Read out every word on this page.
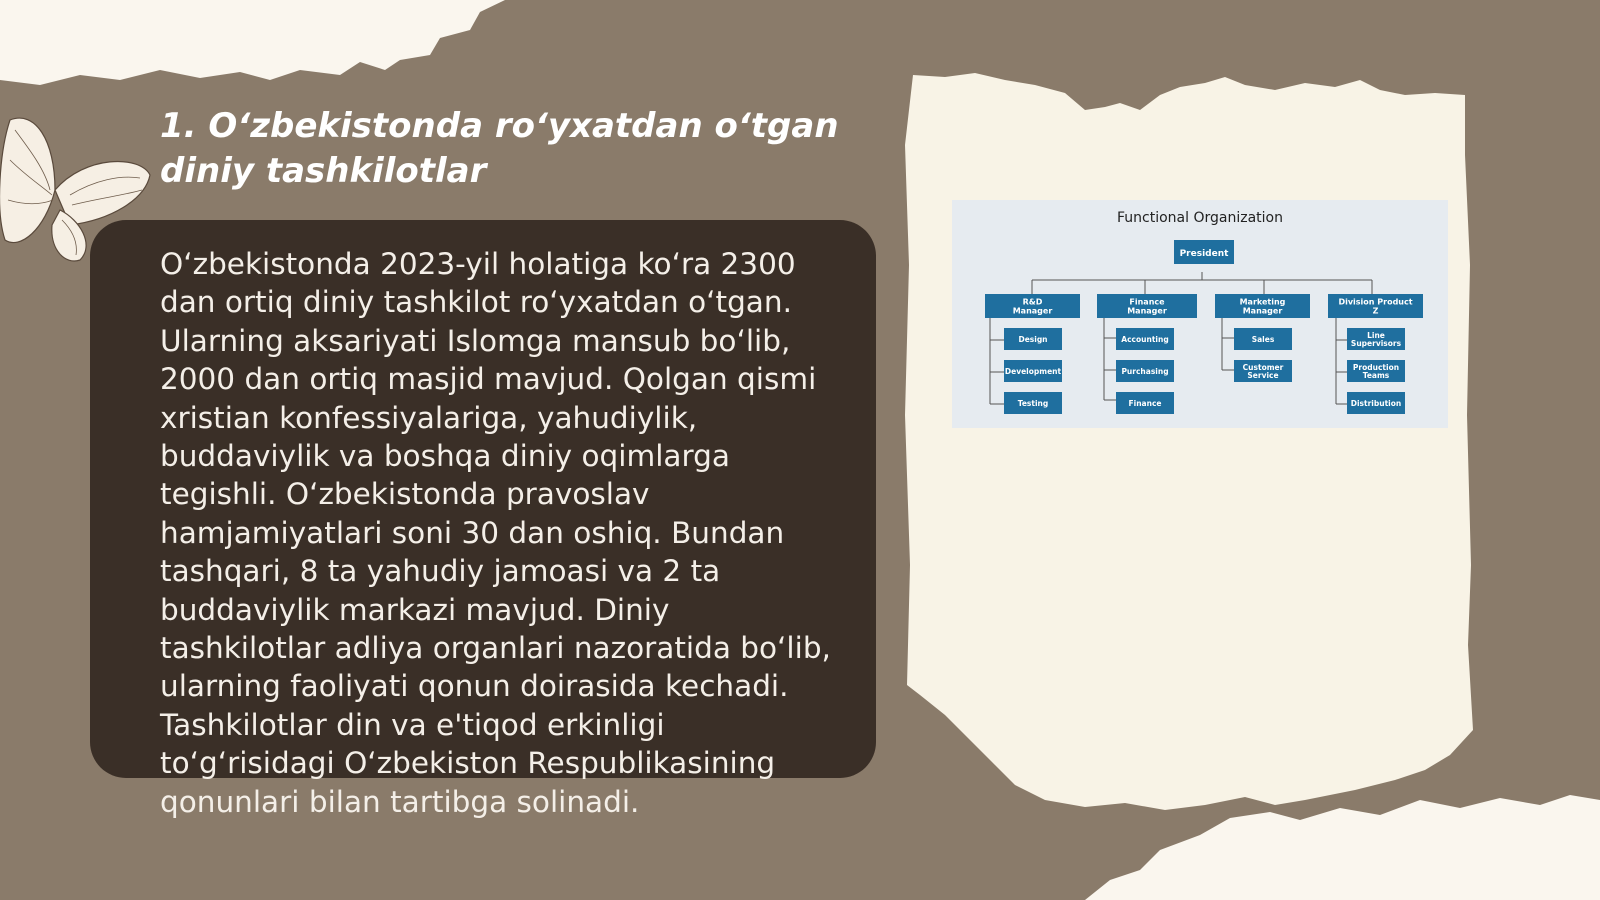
1. O‘zbekistonda ro‘yxatdan o‘tgan
diniy tashkilotlar
O‘zbekistonda 2023-yil holatiga ko‘ra 2300
dan ortiq diniy tashkilot ro‘yxatdan o‘tgan.
Ularning aksariyati Islomga mansub bo‘lib,
2000 dan ortiq masjid mavjud. Qolgan qismi
xristian konfessiyalariga, yahudiylik,
buddaviylik va boshqa diniy oqimlarga
tegishli. O‘zbekistonda pravoslav
hamjamiyatlari soni 30 dan oshiq. Bundan
tashqari, 8 ta yahudiy jamoasi va 2 ta
buddaviylik markazi mavjud. Diniy
tashkilotlar adliya organlari nazoratida bo‘lib,
ularning faoliyati qonun doirasida kechadi.
Tashkilotlar din va e'tiqod erkinligi
to‘g‘risidagi O‘zbekiston Respublikasining
qonunlari bilan tartibga solinadi.
Functional Organization
President
R&D Manager
Finance Manager
Marketing Manager
Division Product Z
Design
Development
Testing
Accounting
Purchasing
Finance
Sales
Customer Service
Line Supervisors
Production Teams
Distribution
